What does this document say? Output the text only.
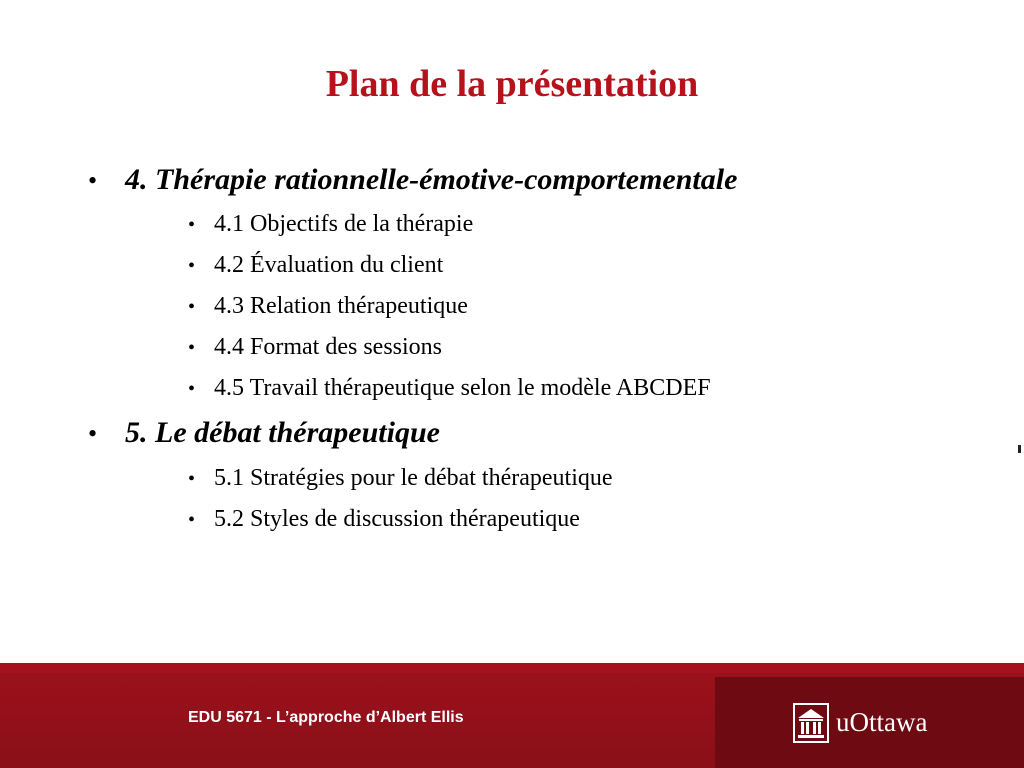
Plan de la présentation
• 4. Thérapie rationnelle-émotive-comportementale
• 4.1 Objectifs de la thérapie
• 4.2 Évaluation du client
• 4.3 Relation thérapeutique
• 4.4 Format des sessions
• 4.5 Travail thérapeutique selon le modèle ABCDEF
• 5. Le débat thérapeutique
• 5.1 Stratégies pour le débat thérapeutique
• 5.2 Styles de discussion thérapeutique
EDU 5671 - L’approche d’Albert Ellis	uOttawa
